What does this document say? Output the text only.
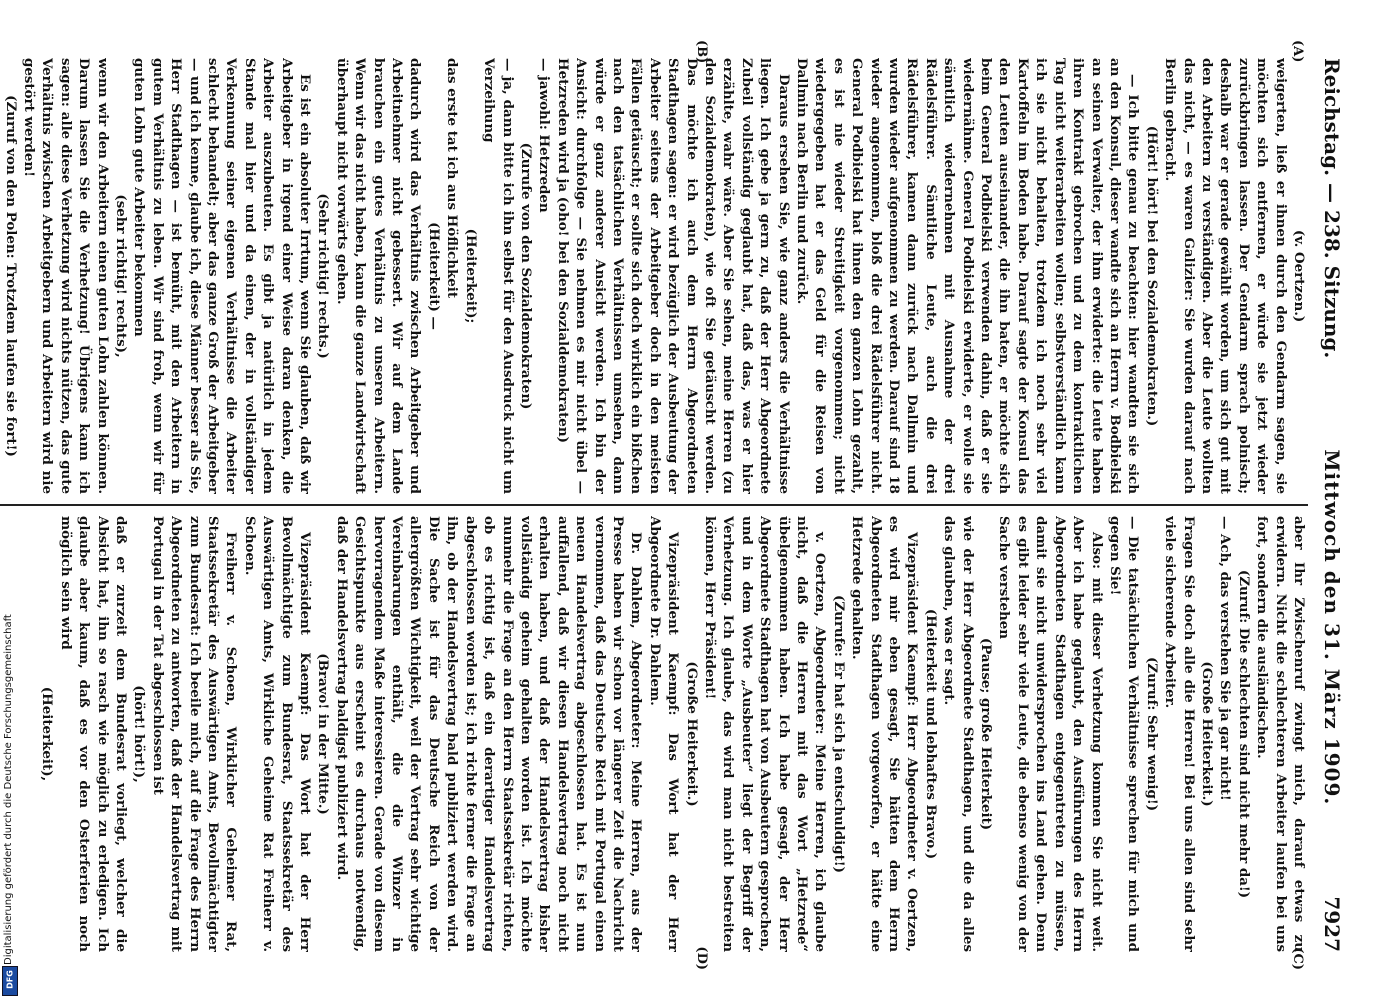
Reichstag. — 238. Sitzung.
Mittwoch den 31. März 1909.
7927

(v. Oertzen.)

weigerten, ließ er ihnen durch den Gendarm sagen, sie möchten sich entfernen, er würde sie jetzt wieder zurückbringen lassen. Der Gendarm sprach polnisch; deshalb war er gerade gewählt worden, um sich gut mit den Arbeitern zu verständigen. Aber die Leute wollten das nicht, — es waren Galizier: Sie wurden darauf nach Berlin gebracht.

(Hört! hört! bei den Sozialdemokraten.)

— Ich bitte genau zu beachten: hier wandten sie sich an den Konsul, dieser wandte sich an Herrn v. Bodbielski an seinen Verwalter, der ihm erwiderte: die Leute haben ihren Kontrakt gebrochen und zu dem kontraktlichen Tag nicht weiterarbeiten wollen; selbstverständlich kann ich sie nicht behalten, trotzdem ich noch sehr viel Kartoffeln im Boden habe. Darauf sagte der Konsul das den Leuten auseinander, die ihn baten, er möchte sich beim General Podbielski verwenden dahin, daß er sie wiedernähme. General Podbielski erwiderte, er wolle sie sämtlich wiedernehmen mit Ausnahme der drei Rädelsführer. Sämtliche Leute, auch die drei Rädelsführer, kamen dann zurück nach Dallmin und wurden wieder aufgenommen zu werden. Darauf sind 18 wieder angenommen, bloß die drei Rädelsführer nicht. General Podbielski hat ihnen den ganzen Lohn gezahlt, es ist nie wieder Streitigkeit vorgenommen; nicht wiedergegeben hat er das Geld für die Reisen von Dallmin nach Berlin und zurück.

Daraus ersehen Sie, wie ganz anders die Verhältnisse liegen. Ich gebe ja gern zu, daß der Herr Abgeordnete Zubeil vollständig geglaubt hat, daß das, was er hier erzählte, wahr wäre. Aber Sie sehen, meine Herren (zu den Sozialdemokraten), wie oft Sie getäuscht werden. Das möchte ich auch dem Herrn Abgeordneten Stadthagen sagen: er wird bezüglich der Ausbeutung der Arbeiter seitens der Arbeitgeber doch in den meisten Fällen getäuscht; er sollte sich doch wirklich ein bißchen nach den tatsächlichen Verhältnissen umsehen, dann würde er ganz anderer Ansicht werden. Ich bin der Ansicht: durchfolge — Sie nehmen es mir nicht übel — Hetzreden wird ja (oho! bei den Sozialdemokraten)

— jawohl: Hetzreden

(Zurufe von den Sozialdemokraten)

— ja, dann bitte ich ihn selbst für den Ausdruck nicht um Verzeihung

(Heiterkeit);

das erste tat ich aus Höflichkeit

(Heiterkeit) —

dadurch wird das Verhältnis zwischen Arbeitgeber und Arbeitnehmer nicht gebessert. Wir auf dem Lande brauchen ein gutes Verhältnis zu unseren Arbeitern. Wenn wir das nicht haben, kann die ganze Landwirtschaft überhaupt nicht vorwärts gehen.

(Sehr richtig! rechts.)

Es ist ein absoluter Irrtum, wenn Sie glauben, daß wir Arbeitgeber in irgend einer Weise daran denken, die Arbeiter auszubeuten. Es gibt ja natürlich in jedem Stande mal hier und da einen, der in vollständiger Verkennung seiner eigenen Verhältnisse die Arbeiter schlecht behandelt; aber das ganze Groß der Arbeitgeber — und ich kenne, glaube ich, diese Männer besser als Sie, Herr Stadthagen — ist bemüht, mit den Arbeitern in gutem Verhältnis zu leben. Wir sind froh, wenn wir für guten Lohn gute Arbeiter bekommen

(sehr richtig! rechts),

wenn wir den Arbeitern einen guten Lohn zahlen können. Darum lassen Sie die Verhetzung! Übrigens kann ich sagen: alle diese Verhetzung wird nichts nützen, das gute Verhältnis zwischen Arbeitgebern und Arbeitern wird nie gestört werden!

(Zuruf von den Polen: Trotzdem laufen sie fort!)

aber Ihr Zwischenruf zwingt mich, darauf etwas zu erwidern. Nicht die schlechteren Arbeiter laufen bei uns fort, sondern die ausländischen.

(Zuruf: Die schlechten sind nicht mehr da!)

— Ach, das verstehen Sie ja gar nicht!

(Große Heiterkeit.)

Fragen Sie doch alle die Herren! Bei uns allen sind sehr viele sicherende Arbeiter.

(Zuruf: Sehr wenig!)

— Die tatsächlichen Verhältnisse sprechen für mich und gegen Sie!

Also: mit dieser Verhetzung kommen Sie nicht weit. Aber ich habe geglaubt, den Ausführungen des Herrn Abgeordneten Stadthagen entgegentreten zu müssen, damit sie nicht unwidersprochen ins Land gehen. Denn es gibt leider sehr viele Leute, die ebenso wenig von der Sache verstehen

(Pause; große Heiterkeit)

wie der Herr Abgeordnete Stadthagen, und die da alles das glauben, was er sagt.

(Heiterkeit und lebhaftes Bravo.)

Vizepräsident Kaempf: Herr Abgeordneter v. Oertzen, es wird mir eben gesagt, Sie hätten dem Herrn Abgeordneten Stadthagen vorgeworfen, er hätte eine Hetzrede gehalten.

(Zurufe: Er hat sich ja entschuldigt!)

v. Oertzen, Abgeordneter: Meine Herren, ich glaube nicht, daß die Herren mit das Wort „Hetzrede“ übelgenommen haben. Ich habe gesagt, der Herr Abgeordnete Stadthagen hat von Ausbeutern gesprochen, und in dem Worte „Ausbeuter“ liegt der Begriff der Verhetzung. Ich glaube, das wird man nicht bestreiten können, Herr Präsident!

(Große Heiterkeit.)

Vizepräsident Kaempf: Das Wort hat der Herr Abgeordnete Dr. Dahlem.

Dr. Dahlem, Abgeordneter: Meine Herren, aus der Presse haben wir schon vor längerer Zeit die Nachricht vernommen, daß das Deutsche Reich mit Portugal einen neuen Handelsvertrag abgeschlossen hat. Es ist nun auffallend, daß wir diesen Handelsvertrag noch nicht erhalten haben, und daß der Handelsvertrag bisher vollständig geheim gehalten worden ist. Ich möchte nunmehr die Frage an den Herrn Staatssekretär richten, ob es richtig ist, daß ein derartiger Handelsvertrag abgeschlossen worden ist; ich richte ferner die Frage an ihn, ob der Handelsvertrag bald publiziert werden wird. Die Sache ist für das Deutsche Reich von der allergrößten Wichtigkeit, weil der Vertrag sehr wichtige Vereinbarungen enthält, die die Winzer in hervorragendem Maße interessieren. Gerade von diesem Gesichtspunkte aus erscheint es durchaus notwendig, daß der Handelsvertrag baldigst publiziert wird.

(Bravo! in der Mitte.)

Vizepräsident Kaempf: Das Wort hat der Herr Bevollmächtigte zum Bundesrat, Staatssekretär des Auswärtigen Amts, Wirkliche Geheime Rat Freiherr v. Schoen.

Freiherr v. Schoen, Wirklicher Geheimer Rat, Staatssekretär des Auswärtigen Amts, Bevollmächtigter zum Bundesrat: Ich beeile mich, auf die Frage des Herrn Abgeordneten zu antworten, daß der Handelsvertrag mit Portugal in der Tat abgeschlossen ist

(hört! hört!),

daß er zurzeit dem Bundesrat vorliegt, welcher die Absicht hat, ihn so rasch wie möglich zu erledigen. Ich glaube aber kaum, daß es vor den Osterferien noch möglich sein wird

(Heiterkeit),

(A)
(B)
(C)
(D)
Digitalisierung gefördert durch die Deutsche Forschungsgemeinschaft
DFG
